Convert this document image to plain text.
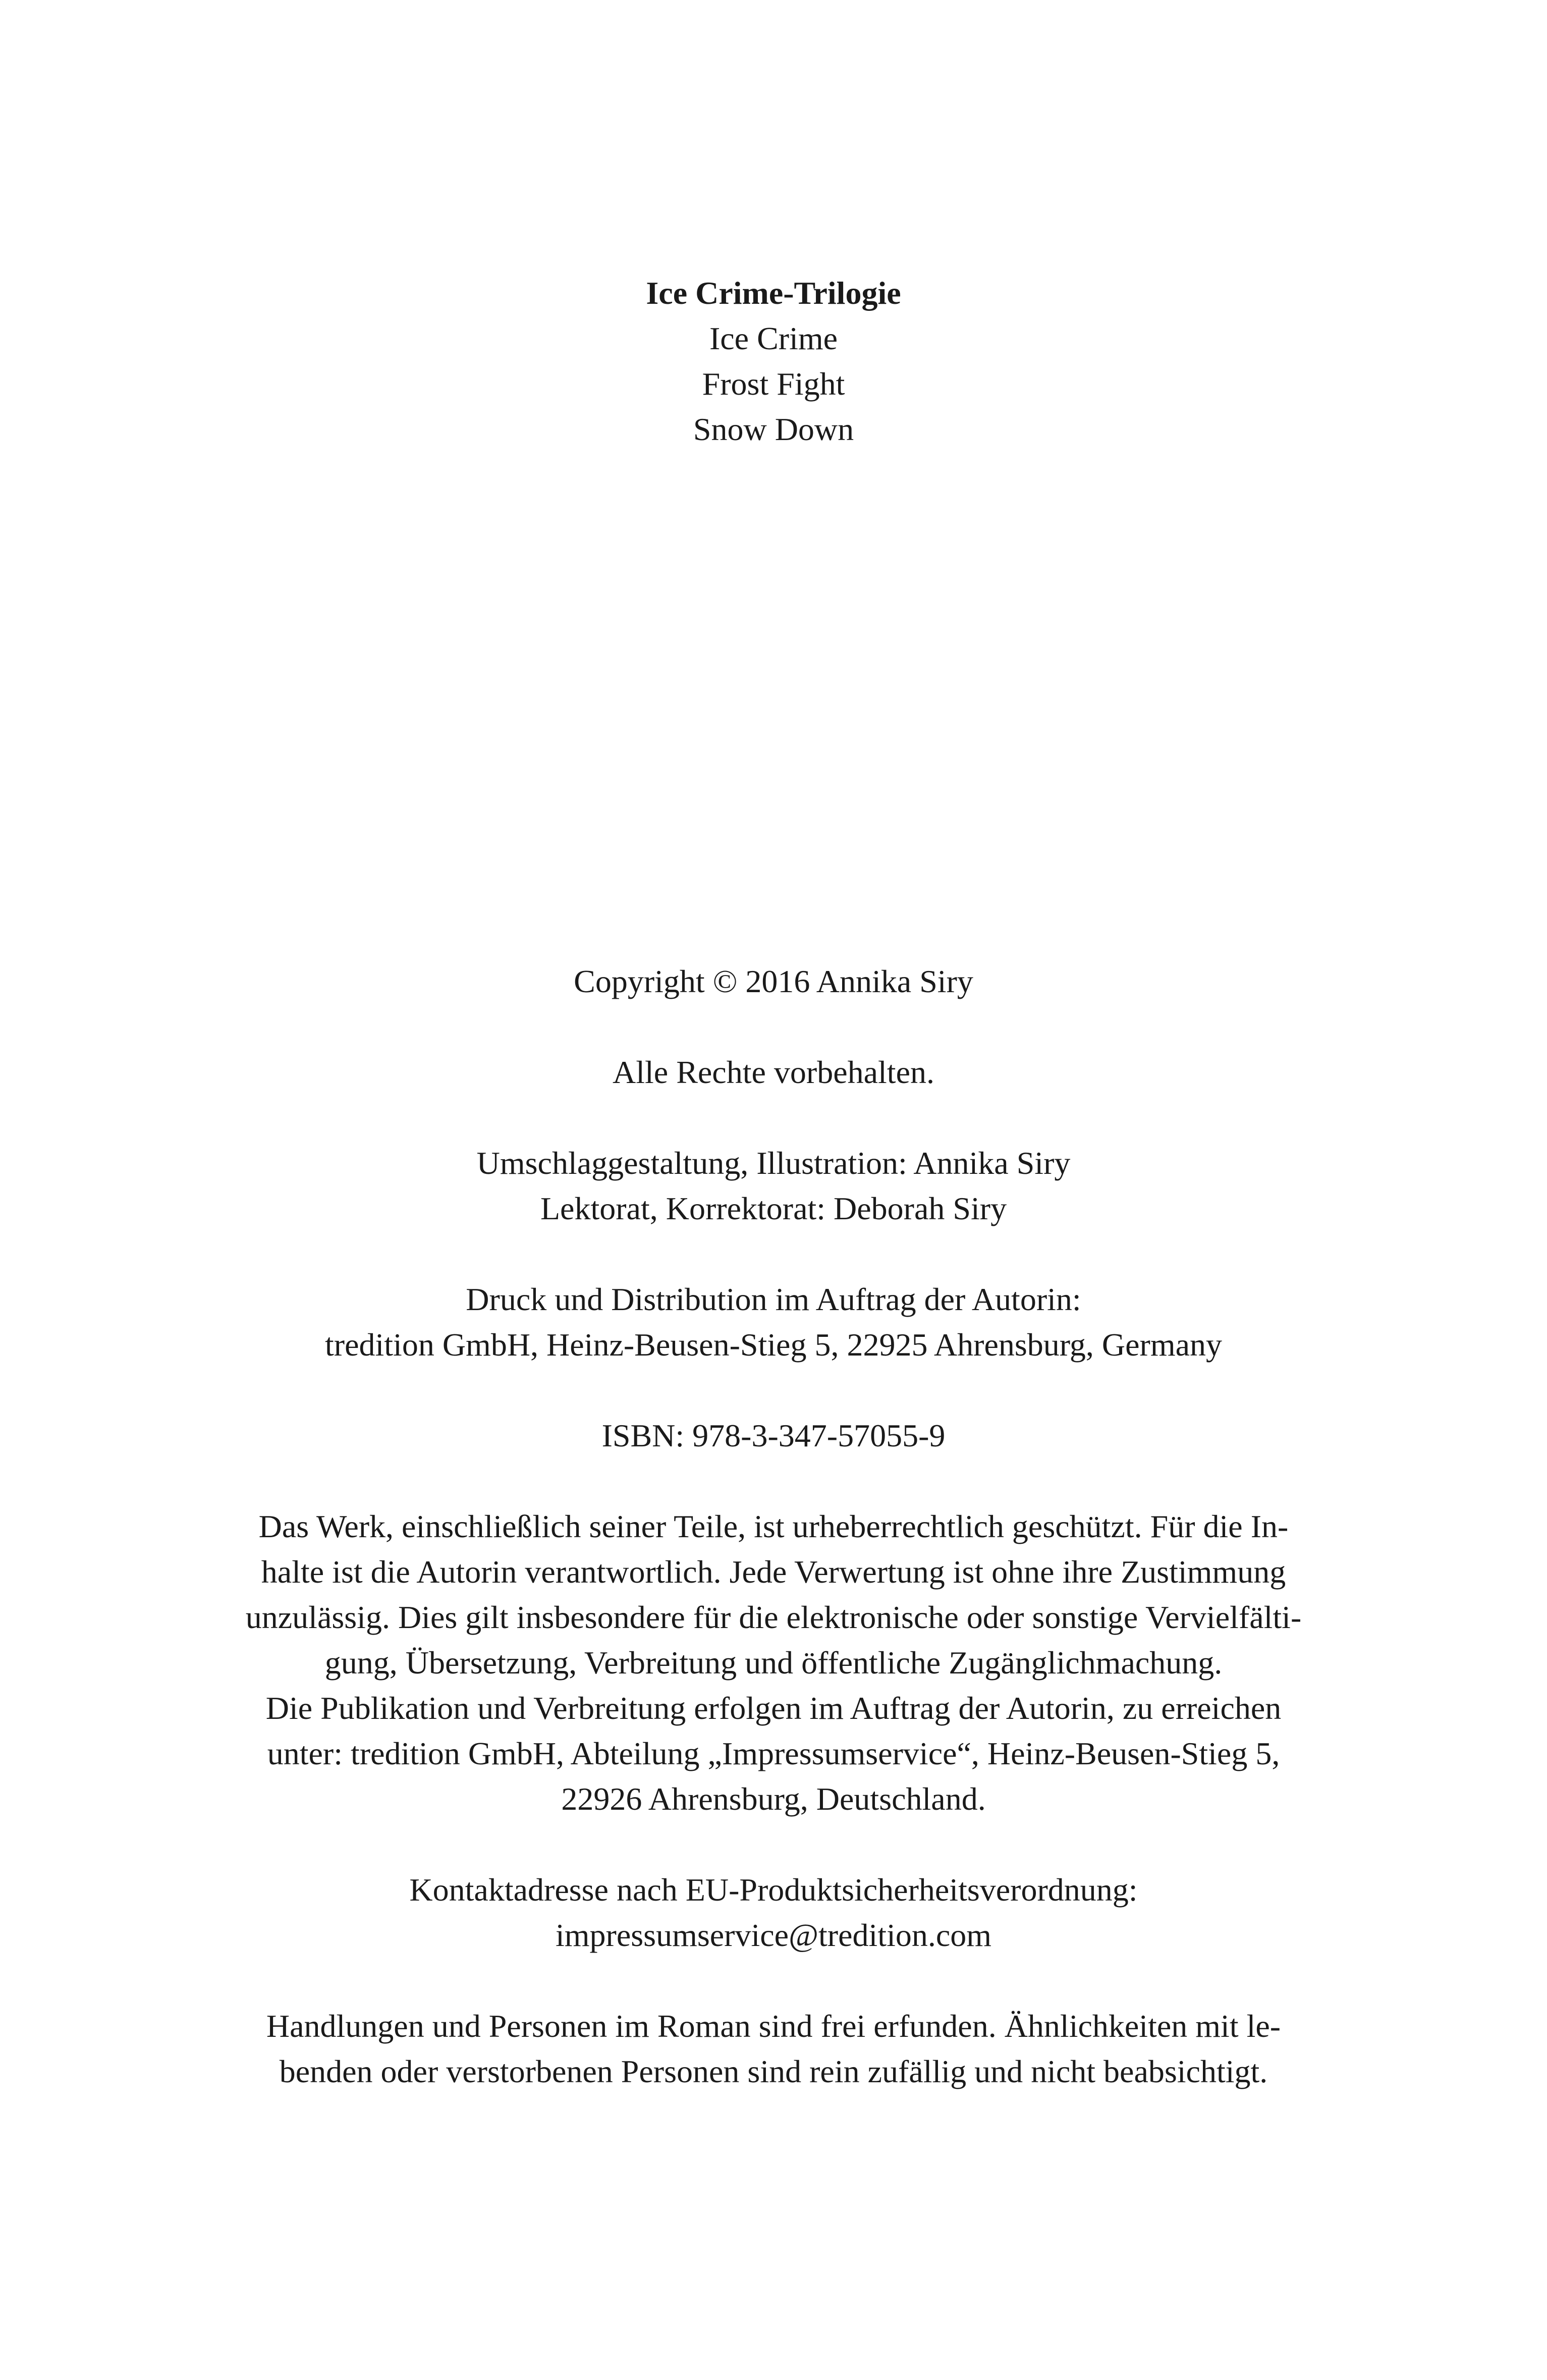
Ice Crime-Trilogie
Ice Crime
Frost Fight
Snow Down
Copyright © 2016 Annika Siry
Alle Rechte vorbehalten.
Umschlaggestaltung, Illustration: Annika Siry
Lektorat, Korrektorat: Deborah Siry
Druck und Distribution im Auftrag der Autorin:
tredition GmbH, Heinz-Beusen-Stieg 5, 22925 Ahrensburg, Germany
ISBN: 978-3-347-57055-9
Das Werk, einschließlich seiner Teile, ist urheberrechtlich geschützt. Für die In-
halte ist die Autorin verantwortlich. Jede Verwertung ist ohne ihre Zustimmung
unzulässig. Dies gilt insbesondere für die elektronische oder sonstige Vervielfälti-
gung, Übersetzung, Verbreitung und öffentliche Zugänglichmachung.
Die Publikation und Verbreitung erfolgen im Auftrag der Autorin, zu erreichen
unter: tredition GmbH, Abteilung „Impressumservice“, Heinz-Beusen-Stieg 5,
22926 Ahrensburg, Deutschland.
Kontaktadresse nach EU-Produktsicherheitsverordnung:
impressumservice@tredition.com
Handlungen und Personen im Roman sind frei erfunden. Ähnlichkeiten mit le-
benden oder verstorbenen Personen sind rein zufällig und nicht beabsichtigt.
